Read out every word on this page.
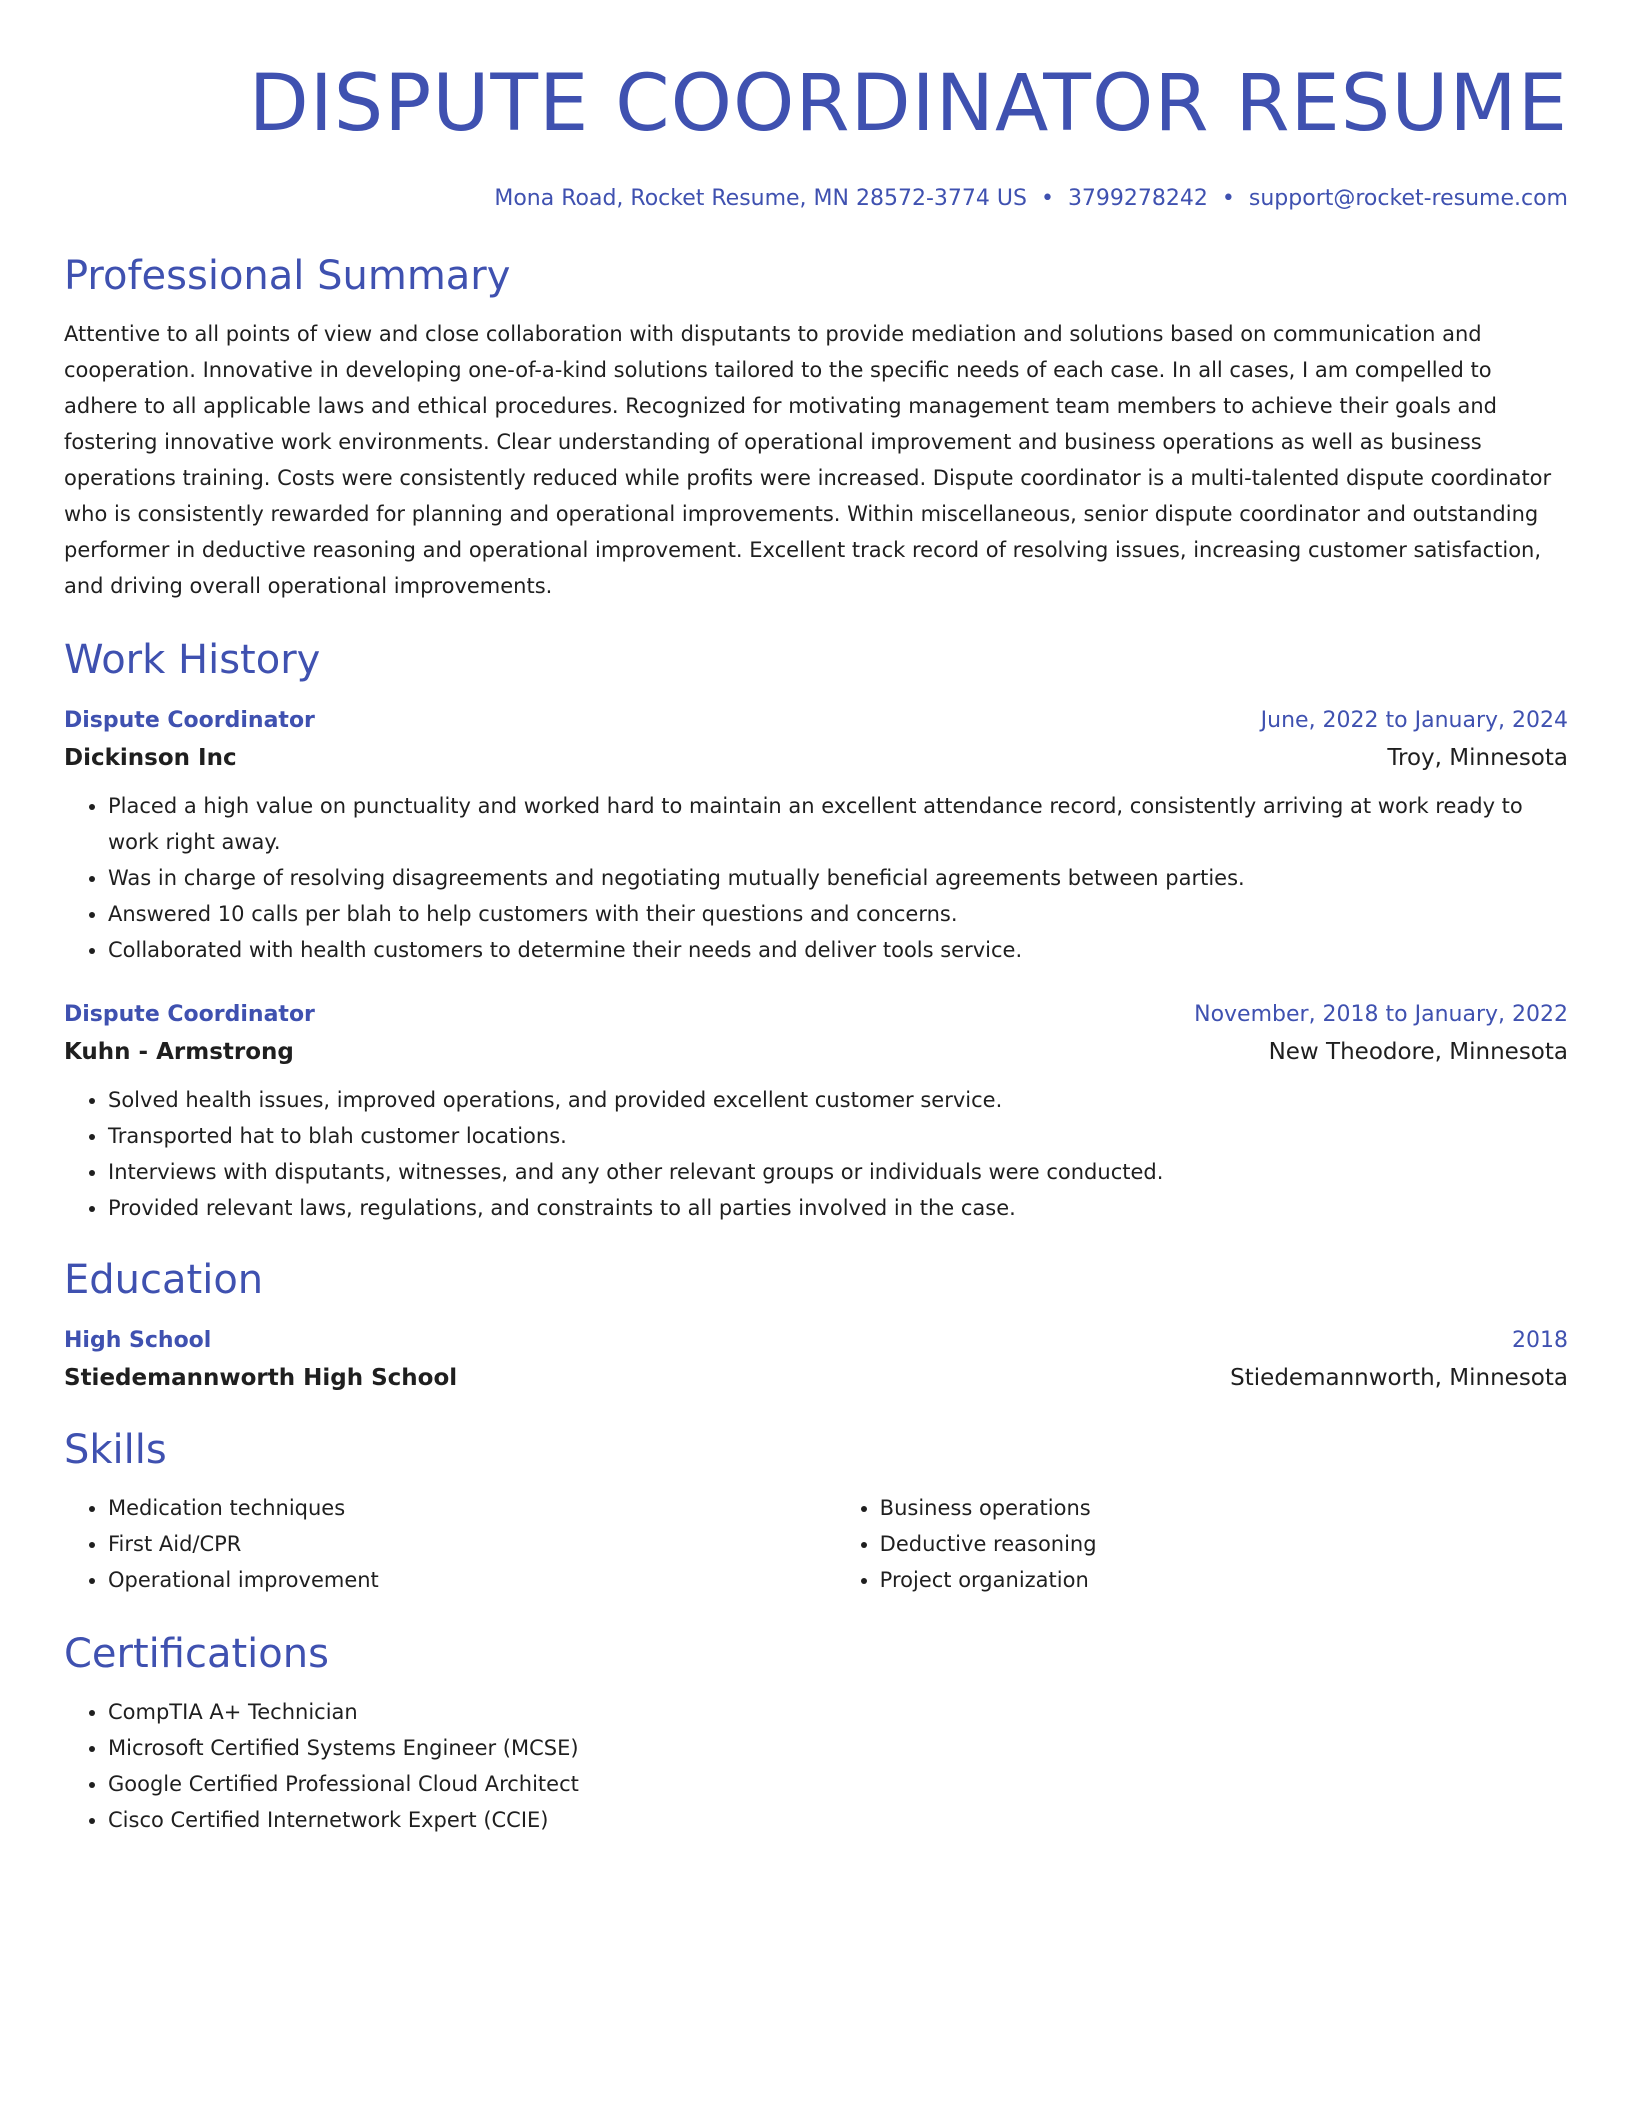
DISPUTE COORDINATOR RESUME
Mona Road, Rocket Resume, MN 28572-3774 US • 3799278242 • support@rocket-resume.com
Professional Summary

Attentive to all points of view and close collaboration with disputants to provide mediation and solutions based on communication and cooperation. Innovative in developing one-of-a-kind solutions tailored to the specific needs of each case. In all cases, I am compelled to adhere to all applicable laws and ethical procedures. Recognized for motivating management team members to achieve their goals and fostering innovative work environments. Clear understanding of operational improvement and business operations as well as business operations training. Costs were consistently reduced while profits were increased. Dispute coordinator is a multi-talented dispute coordinator who is consistently rewarded for planning and operational improvements. Within miscellaneous, senior dispute coordinator and outstanding performer in deductive reasoning and operational improvement. Excellent track record of resolving issues, increasing customer satisfaction, and driving overall operational improvements.

Work History
Dispute Coordinator	June, 2022 to January, 2024
Dickinson Inc	Troy, Minnesota
• Placed a high value on punctuality and worked hard to maintain an excellent attendance record, consistently arriving at work ready to work right away.
• Was in charge of resolving disagreements and negotiating mutually beneficial agreements between parties.
• Answered 10 calls per blah to help customers with their questions and concerns.
• Collaborated with health customers to determine their needs and deliver tools service.
Dispute Coordinator	November, 2018 to January, 2022
Kuhn - Armstrong	New Theodore, Minnesota
• Solved health issues, improved operations, and provided excellent customer service.
• Transported hat to blah customer locations.
• Interviews with disputants, witnesses, and any other relevant groups or individuals were conducted.
• Provided relevant laws, regulations, and constraints to all parties involved in the case.
Education
High School	2018
Stiedemannworth High School	Stiedemannworth, Minnesota
Skills
• Medication techniques
• First Aid/CPR
• Operational improvement
• Business operations
• Deductive reasoning
• Project organization
Certifications
• CompTIA A+ Technician
• Microsoft Certified Systems Engineer (MCSE)
• Google Certified Professional Cloud Architect
• Cisco Certified Internetwork Expert (CCIE)
